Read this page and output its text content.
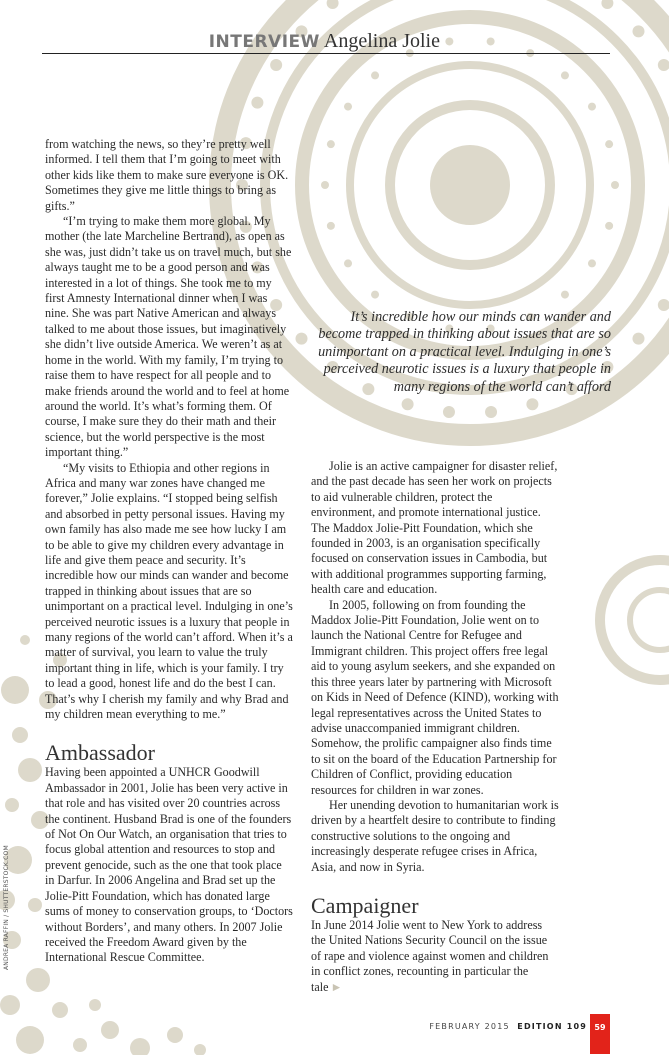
INTERVIEW Angelina Jolie

from watching the news, so they’re pretty well informed. I tell them that I’m going to meet with other kids like them to make sure everyone is OK. Sometimes they give me little things to bring as gifts.”

“I’m trying to make them more global. My mother (the late Marcheline Bertrand), as open as she was, just didn’t take us on travel much, but she always taught me to be a good person and was interested in a lot of things. She took me to my first Amnesty International dinner when I was nine. She was part Native American and always talked to me about those issues, but imaginatively she didn’t live outside America. We weren’t as at home in the world. With my family, I’m trying to raise them to have respect for all people and to make friends around the world and to feel at home around the world. It’s what’s forming them. Of course, I make sure they do their math and their science, but the world perspective is the most important thing.”

“My visits to Ethiopia and other regions in Africa and many war zones have changed me forever,” Jolie explains. “I stopped being selfish and absorbed in petty personal issues. Having my own family has also made me see how lucky I am to be able to give my children every advantage in life and give them peace and security. It’s incredible how our minds can wander and become trapped in thinking about issues that are so unimportant on a practical level. Indulging in one’s perceived neurotic issues is a luxury that people in many regions of the world can’t afford. When it’s a matter of survival, you learn to value the truly important thing in life, which is your family. I try to lead a good, honest life and do the best I can. That’s why I cherish my family and why Brad and my children mean everything to me.”

Ambassador

Having been appointed a UNHCR Goodwill Ambassador in 2001, Jolie has been very active in that role and has visited over 20 countries across the continent. Husband Brad is one of the founders of Not On Our Watch, an organisation that tries to focus global attention and resources to stop and prevent genocide, such as the one that took place in Darfur. In 2006 Angelina and Brad set up the Jolie-Pitt Foundation, which has donated large sums of money to conservation groups, to ‘Doctors without Borders’, and many others. In 2007 Jolie received the Freedom Award given by the International Rescue Committee.

It’s incredible how our minds can wander and become trapped in thinking about issues that are so unimportant on a practical level. Indulging in one’s perceived neurotic issues is a luxury that people in many regions of the world can’t afford

Jolie is an active campaigner for disaster relief, and the past decade has seen her work on projects to aid vulnerable children, protect the environment, and promote international justice. The Maddox Jolie-Pitt Foundation, which she founded in 2003, is an organisation specifically focused on conservation issues in Cambodia, but with additional programmes supporting farming, health care and education.

In 2005, following on from founding the Maddox Jolie-Pitt Foundation, Jolie went on to launch the National Centre for Refugee and Immigrant children. This project offers free legal aid to young asylum seekers, and she expanded on this three years later by partnering with Microsoft on Kids in Need of Defence (KIND), working with legal representatives across the United States to advise unaccompanied immigrant children. Somehow, the prolific campaigner also finds time to sit on the board of the Education Partnership for Children of Conflict, providing education resources for children in war zones.

Her unending devotion to humanitarian work is driven by a heartfelt desire to contribute to finding constructive solutions to the ongoing and increasingly desperate refugee crises in Africa, Asia, and now in Syria.

Campaigner

In June 2014 Jolie went to New York to address the United Nations Security Council on the issue of rape and violence against women and children in conflict zones, recounting in particular the tale ►

ANDREA RAFFIN / SHUTTERSTOCK.COM
FEBRUARY 2015 EDITION 109 59
